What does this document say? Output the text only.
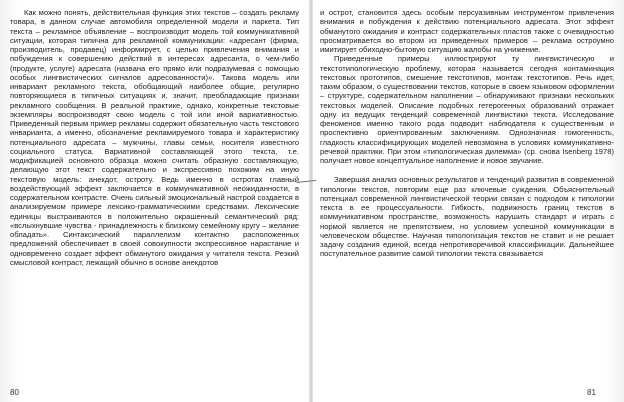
Как можно понять, действительная функция этих текстов – создать рекламу товара, в данном случае автомобиля определенной модели и паркета. Тип текста – рекламное объявление – воспроизводит модель той коммуникативной ситуации, которая типична для рекламной коммуникации: «адресант (фирма, производитель, продавец) информирует, с целью привлечения внимания и побуждения к совершению действий в интересах адресанта, о чем-либо (продукте, услуге) адресата (названа его прямо или подразумевая с помощью особых лингвистических сигналов адресованности)». Такова модель или инвариант рекламного текста, обобщающий наиболее общие, регулярно повторяющиеся в типичных ситуациях и, значит, преобладающие признаки рекламного сообщения. В реальной практике, однако, конкретные текстовые экземпляры воспроизводят свою модель с той или иной вариативностью. Приведенный первым пример рекламы содержит обязательную часть текстового инварианта, а именно, обозначение рекламируемого товара и характеристику потенциального адресата – мужчины, главы семьи, носителя известного социального статуса. Вариативной составляющей этого текста, т.е. модификацией основного образца можно считать образную составляющую, делающую этот текст содержательно и экспрессивно похожим на иную текстовую модель: анекдот, остроту. Ведь именно в остротах главный воздействующий эффект заключается в коммуникативной неожиданности, в содержательном контрасте. Очень сильный эмоциональный настрой создается в анализируемом примере лексико-грамматическими средствами. Лексические единицы выстраиваются в положительно окрашенный семантический ряд: «вслыхнувшие чувства - принадлежность к близкому семейному кругу – желание обладать». Синтаксический параллелизм контактно расположенных предложений обеспечивает в своей совокупности экспрессивное нарастание и одновременно создает эффект обманутого ожидания у читателя текста. Резкий смысловой контраст, лежащий обычно в основе анекдотов

и острот, становится здесь особым персуазивным инструментом привлечения внимания и побуждения к действию потенциального адресата. Этот эффект обманутого ожидания и контраст содержательных пластов также с очевидностью просматривается во втором из приведенных примеров – реклама остроумно имитирует обиходно-бытовую ситуацию жалобы на унижение.

Приведенные примеры иллюстрируют ту лингвистическую и текстотипологическую проблему, которая называется сегодня контаминация текстовых прототипов, смешение текстотипов, монтаж текстотипов. Речь идет, таким образом, о существовании текстов, которые в своем языковом оформлении – структуре, содержательном наполнении – обнаруживают признаки нескольких текстовых моделей. Описание подобных гетерогенных образований отражает одну из ведущих тенденций современной лингвистики текста. Исследование феноменов именно такого рода подводит наблюдателя к существенным и проспективно ориентированным заключениям. Однозначная гомогенность, гладкость классифицирующих моделей невозможна в условиях коммуникативно-речевой практики. При этом «типологическая дилемма» (ср. снова Isenberg 1978) получает новое концептуальное наполнение и новое звучание.

Завершая анализ основных результатов и тенденций развития в современной типологии текстов, повторим еще раз ключевые суждения. Объяснительный потенциал современной лингвистической теории связан с подходом к типологии текста в ее процессуальности. Гибкость, подвижность границ текстов в коммуникативном пространстве, возможность нарушить стандарт и играть с нормой является не препятствием, но условием успешной коммуникации в человеческом обществе. Научная типологизация текстов не ставит и не решает задачу создания единой, всегда непротиворечивой классификации. Дальнейшее поступательное развитие самой типологии текста связывается

80	81
